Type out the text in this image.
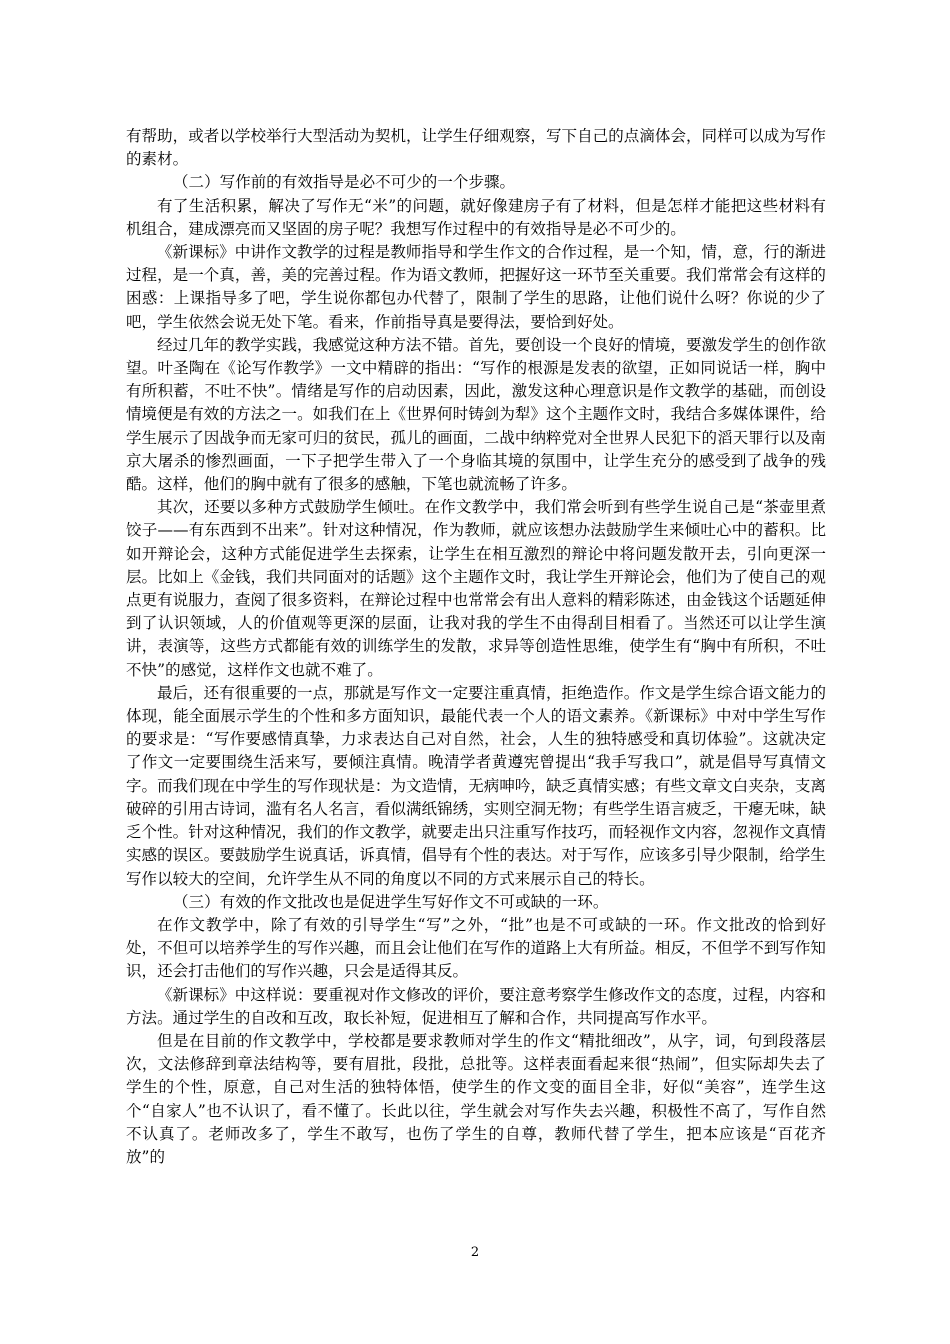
有帮助，或者以学校举行大型活动为契机，让学生仔细观察，写下自己的点滴体会，同样可以成为写作的素材。

（二）写作前的有效指导是必不可少的一个步骤。

有了生活积累，解决了写作无“米”的问题，就好像建房子有了材料，但是怎样才能把这些材料有机组合，建成漂亮而又坚固的房子呢？我想写作过程中的有效指导是必不可少的。

《新课标》中讲作文教学的过程是教师指导和学生作文的合作过程，是一个知，情，意，行的渐进过程，是一个真，善，美的完善过程。作为语文教师，把握好这一环节至关重要。我们常常会有这样的困惑：上课指导多了吧，学生说你都包办代替了，限制了学生的思路，让他们说什么呀？你说的少了吧，学生依然会说无处下笔。看来，作前指导真是要得法，要恰到好处。

经过几年的教学实践，我感觉这种方法不错。首先，要创设一个良好的情境，要激发学生的创作欲望。叶圣陶在《论写作教学》一文中精辟的指出：“写作的根源是发表的欲望，正如同说话一样，胸中有所积蓄，不吐不快”。情绪是写作的启动因素，因此，激发这种心理意识是作文教学的基础，而创设情境便是有效的方法之一。如我们在上《世界何时铸剑为犁》这个主题作文时，我结合多媒体课件，给学生展示了因战争而无家可归的贫民，孤儿的画面，二战中纳粹党对全世界人民犯下的滔天罪行以及南京大屠杀的惨烈画面，一下子把学生带入了一个身临其境的氛围中，让学生充分的感受到了战争的残酷。这样，他们的胸中就有了很多的感触，下笔也就流畅了许多。

其次，还要以多种方式鼓励学生倾吐。在作文教学中，我们常会听到有些学生说自己是“茶壶里煮饺子——有东西到不出来”。针对这种情况，作为教师，就应该想办法鼓励学生来倾吐心中的蓄积。比如开辩论会，这种方式能促进学生去探索，让学生在相互激烈的辩论中将问题发散开去，引向更深一层。比如上《金钱，我们共同面对的话题》这个主题作文时，我让学生开辩论会，他们为了使自己的观点更有说服力，查阅了很多资料，在辩论过程中也常常会有出人意料的精彩陈述，由金钱这个话题延伸到了认识领域，人的价值观等更深的层面，让我对我的学生不由得刮目相看了。当然还可以让学生演讲，表演等，这些方式都能有效的训练学生的发散，求异等创造性思维，使学生有“胸中有所积，不吐不快”的感觉，这样作文也就不难了。

最后，还有很重要的一点，那就是写作文一定要注重真情，拒绝造作。作文是学生综合语文能力的体现，能全面展示学生的个性和多方面知识，最能代表一个人的语文素养。《新课标》中对中学生写作的要求是：“写作要感情真挚，力求表达自己对自然，社会，人生的独特感受和真切体验”。这就决定了作文一定要围绕生活来写，要倾注真情。晚清学者黄遵宪曾提出“我手写我口”，就是倡导写真情文字。而我们现在中学生的写作现状是：为文造情，无病呻吟，缺乏真情实感；有些文章文白夹杂，支离破碎的引用古诗词，滥有名人名言，看似满纸锦绣，实则空洞无物；有些学生语言疲乏，干瘪无味，缺乏个性。针对这种情况，我们的作文教学，就要走出只注重写作技巧，而轻视作文内容，忽视作文真情实感的误区。要鼓励学生说真话，诉真情，倡导有个性的表达。对于写作，应该多引导少限制，给学生写作以较大的空间，允许学生从不同的角度以不同的方式来展示自己的特长。

（三）有效的作文批改也是促进学生写好作文不可或缺的一环。

在作文教学中，除了有效的引导学生“写”之外，“批”也是不可或缺的一环。作文批改的恰到好处，不但可以培养学生的写作兴趣，而且会让他们在写作的道路上大有所益。相反，不但学不到写作知识，还会打击他们的写作兴趣，只会是适得其反。

《新课标》中这样说：要重视对作文修改的评价，要注意考察学生修改作文的态度，过程，内容和方法。通过学生的自改和互改，取长补短，促进相互了解和合作，共同提高写作水平。

但是在目前的作文教学中，学校都是要求教师对学生的作文“精批细改”，从字，词，句到段落层次，文法修辞到章法结构等，要有眉批，段批，总批等。这样表面看起来很“热闹”，但实际却失去了学生的个性，原意，自己对生活的独特体悟，使学生的作文变的面目全非，好似“美容”，连学生这个“自家人”也不认识了，看不懂了。长此以往，学生就会对写作失去兴趣，积极性不高了，写作自然不认真了。老师改多了，学生不敢写，也伤了学生的自尊，教师代替了学生，把本应该是“百花齐放”的

2
